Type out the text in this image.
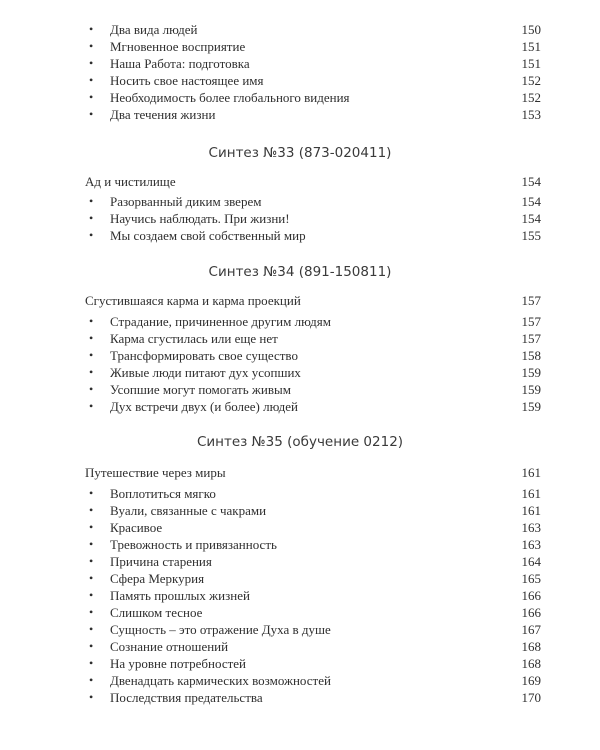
• Два вида людей	150
• Мгновенное восприятие	151
• Наша Работа: подготовка	151
• Носить свое настоящее имя	152
• Необходимость более глобального видения	152
• Два течения жизни	153
Синтез №33 (873-020411)
Ад и чистилище	154
• Разорванный диким зверем	154
• Научись наблюдать. При жизни!	154
• Мы создаем свой собственный мир	155
Синтез №34 (891-150811)
Сгустившаяся карма и карма проекций	157
• Страдание, причиненное другим людям	157
• Карма сгустилась или еще нет	157
• Трансформировать свое существо	158
• Живые люди питают дух усопших	159
• Усопшие могут помогать живым	159
• Дух встречи двух (и более) людей	159
Синтез №35 (обучение 0212)
Путешествие через миры	161
• Воплотиться мягко	161
• Вуали, связанные с чакрами	161
• Красивое	163
• Тревожность и привязанность	163
• Причина старения	164
• Сфера Меркурия	165
• Память прошлых жизней	166
• Слишком тесное	166
• Сущность – это отражение Духа в душе	167
• Сознание отношений	168
• На уровне потребностей	168
• Двенадцать кармических возможностей	169
• Последствия предательства	170
